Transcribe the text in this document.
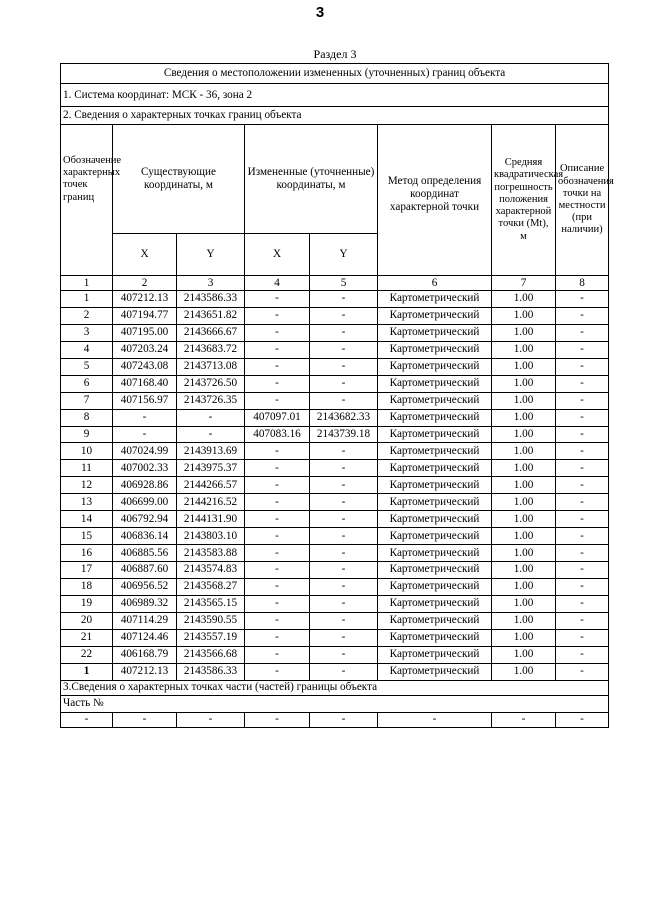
3
Раздел 3
Сведения о местоположении измененных (уточненных) границ объекта							
1. Система координат: МСК - 36, зона 2							
2. Сведения о характерных точках границ объекта							
Обозначение характерных точек границ	Существующие координаты, м		Измененные (уточненные) координаты, м		Метод определения координат характерной точки	Средняя квадратическая погрешность положения характерной точки (Mt), м	Описание обозначения точки на местности (при наличии)
	X	Y	X	Y			
1	2	3	4	5	6	7	8
1	407212.13	2143586.33	-	-	Картометрический	1.00	-
2	407194.77	2143651.82	-	-	Картометрический	1.00	-
3	407195.00	2143666.67	-	-	Картометрический	1.00	-
4	407203.24	2143683.72	-	-	Картометрический	1.00	-
5	407243.08	2143713.08	-	-	Картометрический	1.00	-
6	407168.40	2143726.50	-	-	Картометрический	1.00	-
7	407156.97	2143726.35	-	-	Картометрический	1.00	-
8	-	-	407097.01	2143682.33	Картометрический	1.00	-
9	-	-	407083.16	2143739.18	Картометрический	1.00	-
10	407024.99	2143913.69	-	-	Картометрический	1.00	-
11	407002.33	2143975.37	-	-	Картометрический	1.00	-
12	406928.86	2144266.57	-	-	Картометрический	1.00	-
13	406699.00	2144216.52	-	-	Картометрический	1.00	-
14	406792.94	2144131.90	-	-	Картометрический	1.00	-
15	406836.14	2143803.10	-	-	Картометрический	1.00	-
16	406885.56	2143583.88	-	-	Картометрический	1.00	-
17	406887.60	2143574.83	-	-	Картометрический	1.00	-
18	406956.52	2143568.27	-	-	Картометрический	1.00	-
19	406989.32	2143565.15	-	-	Картометрический	1.00	-
20	407114.29	2143590.55	-	-	Картометрический	1.00	-
21	407124.46	2143557.19	-	-	Картометрический	1.00	-
22	406168.79	2143566.68	-	-	Картометрический	1.00	-
1	407212.13	2143586.33	-	-	Картометрический	1.00	-
3.Сведения о характерных точках части (частей) границы объекта							
Часть №							
-	-	-	-	-	-	-	-
